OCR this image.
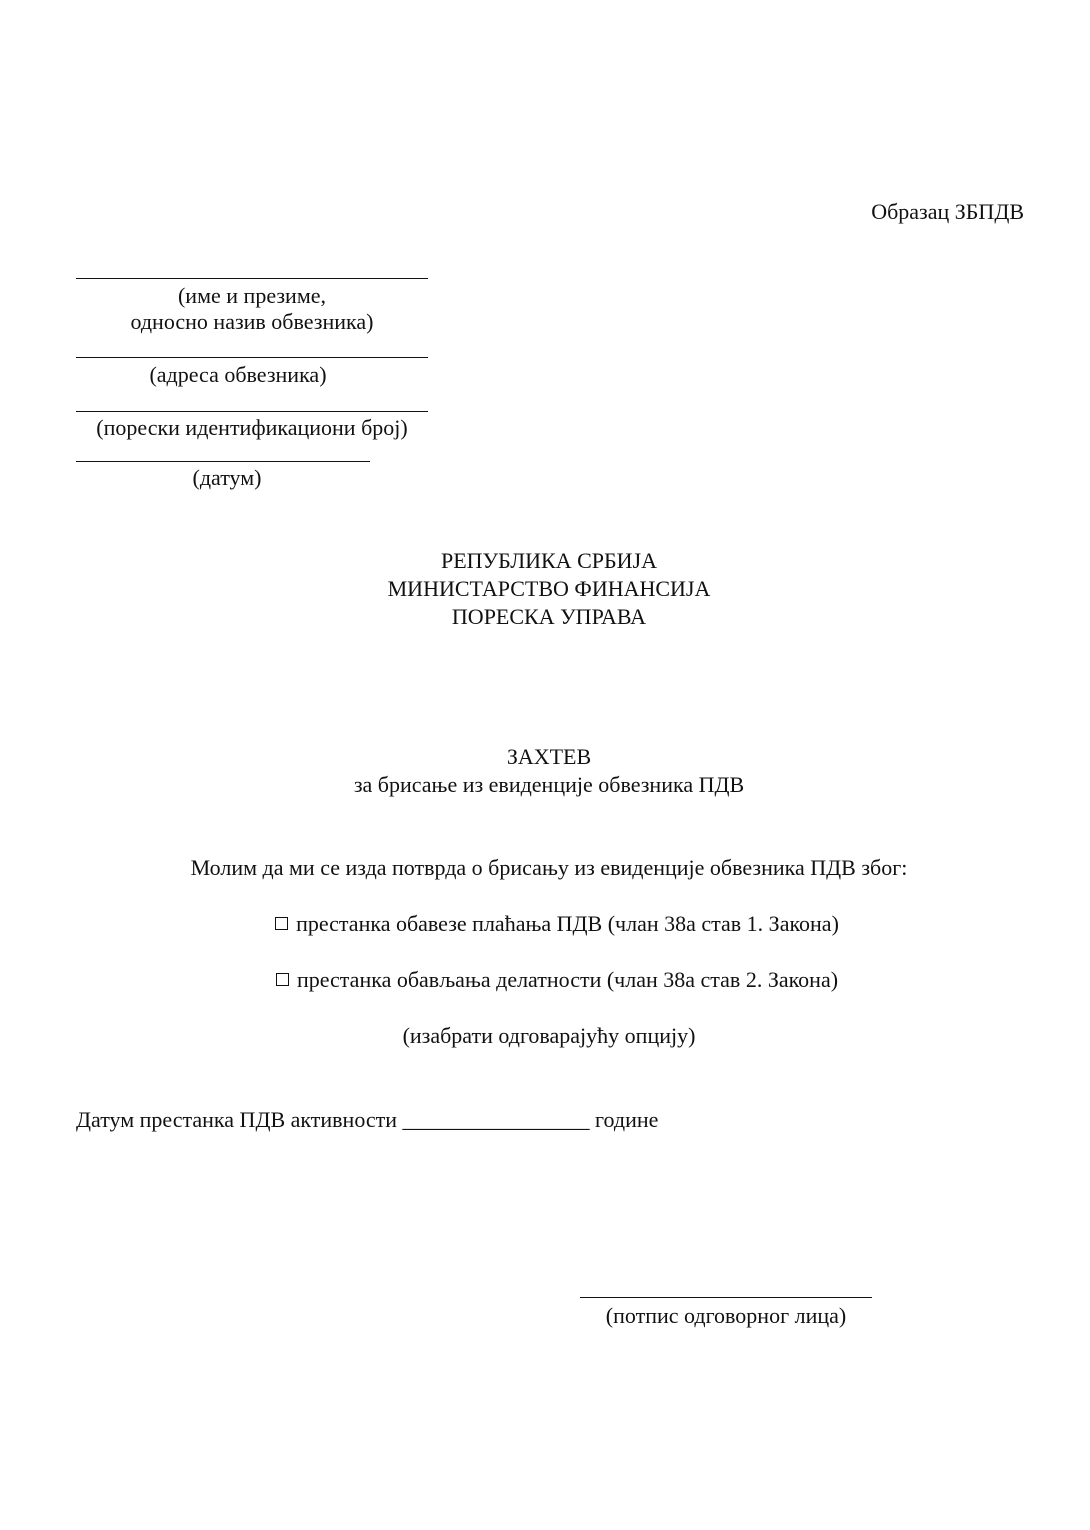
Образац ЗБПДВ
(име и презиме,
односно назив обвезника)
(адреса обвезника)
(порески идентификациони број)
(датум)
РЕПУБЛИКА СРБИЈА
МИНИСТАРСТВО ФИНАНСИЈА
ПОРЕСКА УПРАВА
ЗАХТЕВ
за брисање из евиденције обвезника ПДВ
Молим да ми се изда потврда о брисању из евиденције обвезника ПДВ због:
престанка обавезе плаћања ПДВ (члан 38а став 1. Закона)
престанка обављања делатности (члан 38а став 2. Закона)
(изабрати одговарајућу опцију)
Датум престанка ПДВ активности _________________ године
(потпис одговорног лица)
